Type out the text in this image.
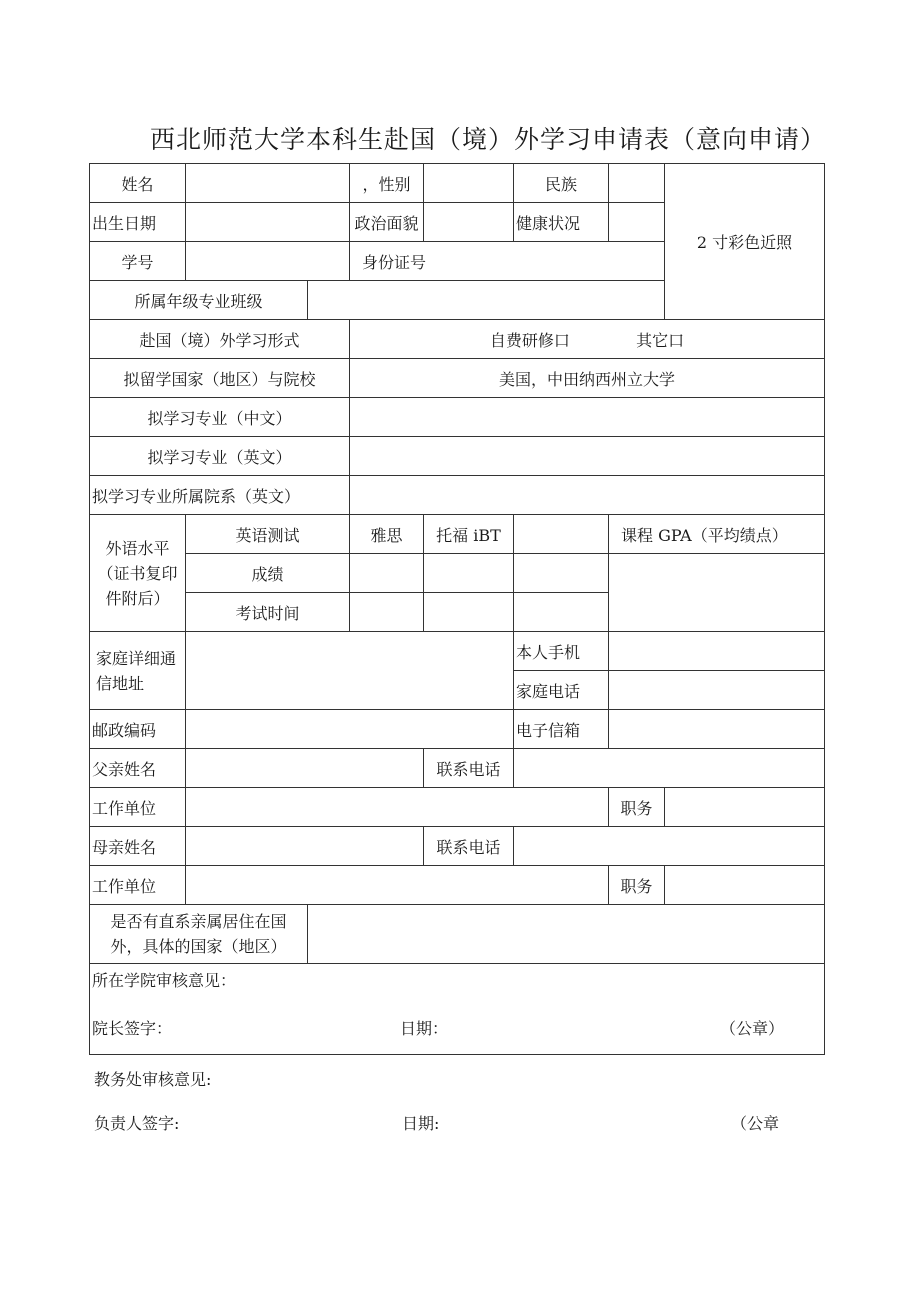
西北师范大学本科生赴国（境）外学习申请表（意向申请）
姓名			，性别		民族		2 寸彩色近照
出生日期			政治面貌		健康状况		
学号			身份证号				
所属年级专业班级							
赴国（境）外学习形式			自费研修口 其它口				
拟留学国家（地区）与院校			美国，中田纳西州立大学				
拟学习专业（中文）							
拟学习专业（英文）							
拟学习专业所属院系（英文）							
外语水平（证书复印件附后）	英语测试		雅思	托福 iBT		课程 GPA（平均绩点）	
	成绩						
	考试时间						
家庭详细通信地址					本人手机		
					家庭电话		
邮政编码					电子信箱		
父亲姓名				联系电话			
工作单位						职务	
母亲姓名				联系电话			
工作单位						职务	
是否有直系亲属居住在国外，具体的国家（地区）							

所在学院审核意见：
院长签字： 日期： （公章）							
教务处审核意见:
负责人签字:	日期:	（公章
